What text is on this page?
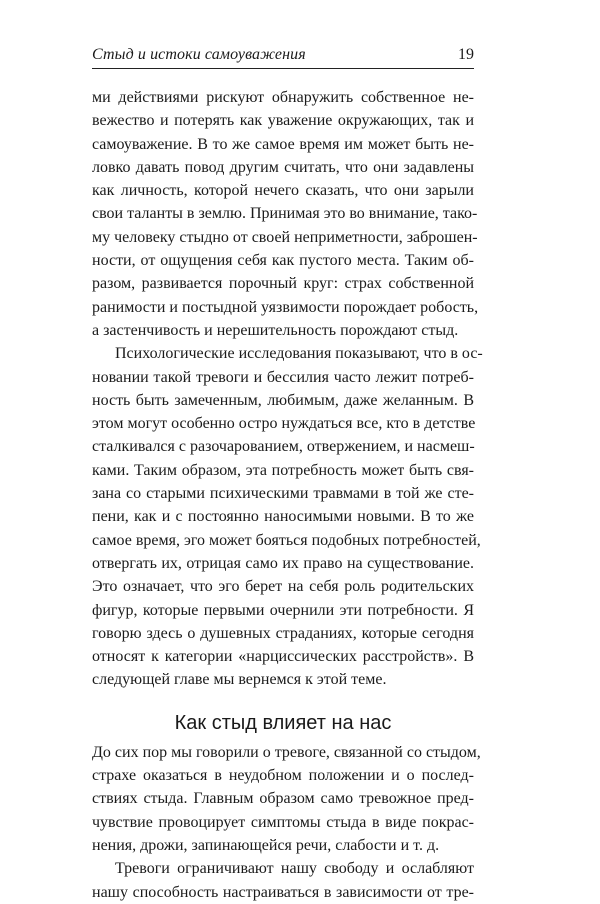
Стыд и истоки самоуважения	19
ми действиями рискуют обнаружить собственное не-
вежество и потерять как уважение окружающих, так и
самоуважение. В то же самое время им может быть не-
ловко давать повод другим считать, что они задавлены
как личность, которой нечего сказать, что они зарыли
свои таланты в землю. Принимая это во внимание, тако-
му человеку стыдно от своей неприметности, заброшен-
ности, от ощущения себя как пустого места. Таким об-
разом, развивается порочный круг: страх собственной
ранимости и постыдной уязвимости порождает робость,
а застенчивость и нерешительность порождают стыд.
Психологические исследования показывают, что в ос-
новании такой тревоги и бессилия часто лежит потреб-
ность быть замеченным, любимым, даже желанным. В
этом могут особенно остро нуждаться все, кто в детстве
сталкивался с разочарованием, отвержением, и насмеш-
ками. Таким образом, эта потребность может быть свя-
зана со старыми психическими травмами в той же сте-
пени, как и с постоянно наносимыми новыми. В то же
самое время, эго может бояться подобных потребностей,
отвергать их, отрицая само их право на существование.
Это означает, что эго берет на себя роль родительских
фигур, которые первыми очернили эти потребности. Я
говорю здесь о душевных страданиях, которые сегодня
относят к категории «нарциссических расстройств». В
следующей главе мы вернемся к этой теме.
Как стыд влияет на нас
До сих пор мы говорили о тревоге, связанной со стыдом,
страхе оказаться в неудобном положении и о послед-
ствиях стыда. Главным образом само тревожное пред-
чувствие провоцирует симптомы стыда в виде покрас-
нения, дрожи, запинающейся речи, слабости и т. д.
Тревоги ограничивают нашу свободу и ослабляют
нашу способность настраиваться в зависимости от тре-
